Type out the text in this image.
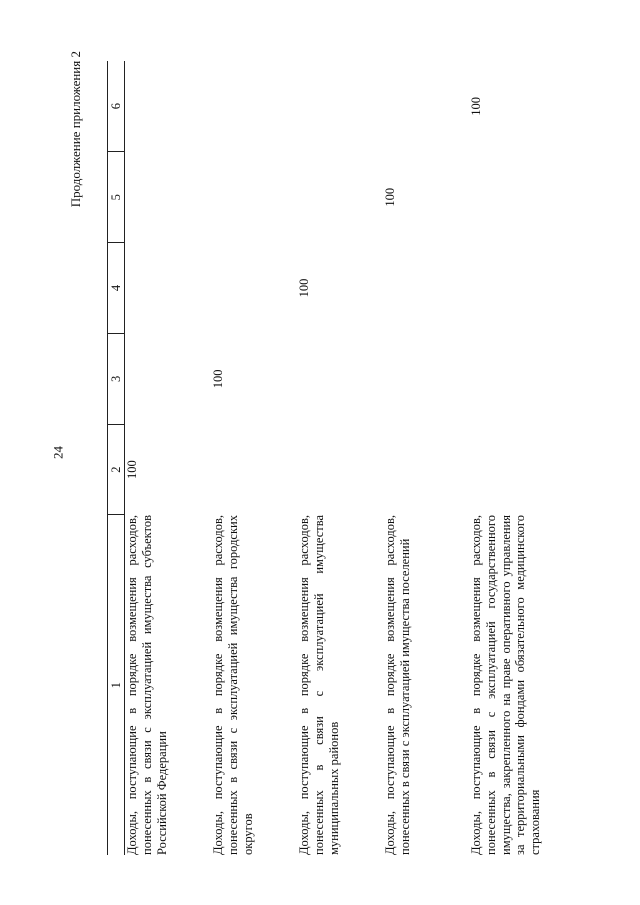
24
Продолжение приложения 2
1	2	3	4	5	6
Доходы, поступающие в порядке возмещения расходов, понесенных в связи с эксплуатацией имущества субъектов Российской Федерации	100				
Доходы, поступающие в порядке возмещения расходов, понесенных в связи с эксплуатацией имущества городских округов		100			
Доходы, поступающие в порядке возмещения расходов, понесенных в связи с эксплуатацией имущества муниципальных районов			100		
Доходы, поступающие в порядке возмещения расходов, понесенных в связи с эксплуатацией имущества поселений				100	
Доходы, поступающие в порядке возмещения расходов, понесенных в связи с эксплуатацией государственного имущества, закрепленного на праве оперативного управления за территориальными фондами обязательного медицинского страхования					100
